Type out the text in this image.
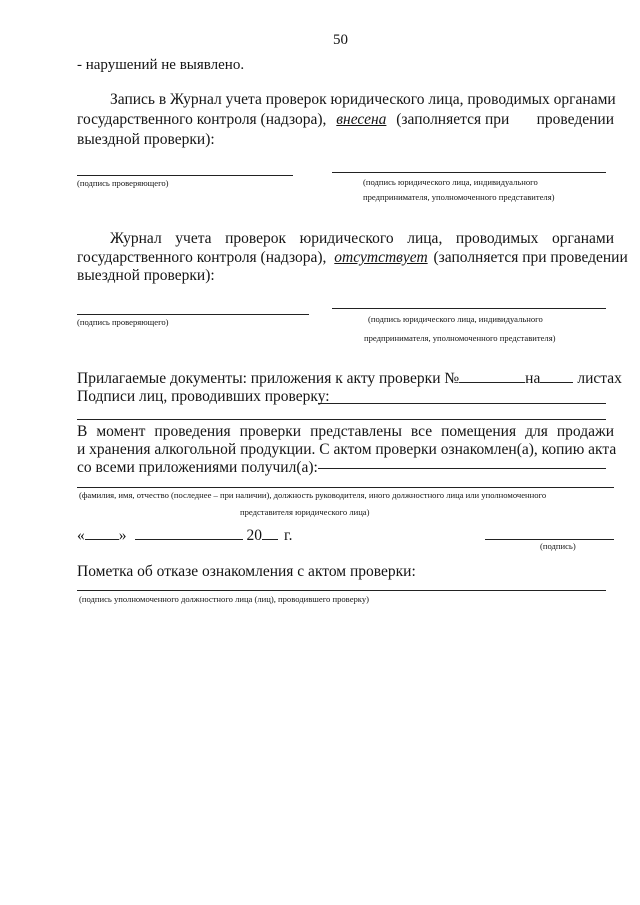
50
- нарушений не выявлено.
Запись в Журнал учета проверок юридического лица, проводимых органами
государственного контроля (надзора), внесена (заполняется при проведении
выездной проверки):
(подпись проверяющего)	(подпись юридического лица, индивидуального
предпринимателя, уполномоченного представителя)
Журнал учета проверок юридического лица, проводимых органами
государственного контроля (надзора), отсутствует (заполняется при проведении
выездной проверки):
(подпись проверяющего)	(подпись юридического лица, индивидуального
предпринимателя, уполномоченного представителя)
Прилагаемые документы: приложения к акту проверки №	на листах
Подписи лиц, проводивших проверку:
В момент проведения проверки представлены все помещения для продажи
и хранения алкогольной продукции. С актом проверки ознакомлен(а), копию акта
со всеми приложениями получил(а):
(фамилия, имя, отчество (последнее – при наличии), должность руководителя, иного должностного лица или уполномоченного
представителя юридического лица)
« »	20 г.
(подпись)
Пометка об отказе ознакомления с актом проверки:
(подпись уполномоченного должностного лица (лиц), проводившего проверку)
